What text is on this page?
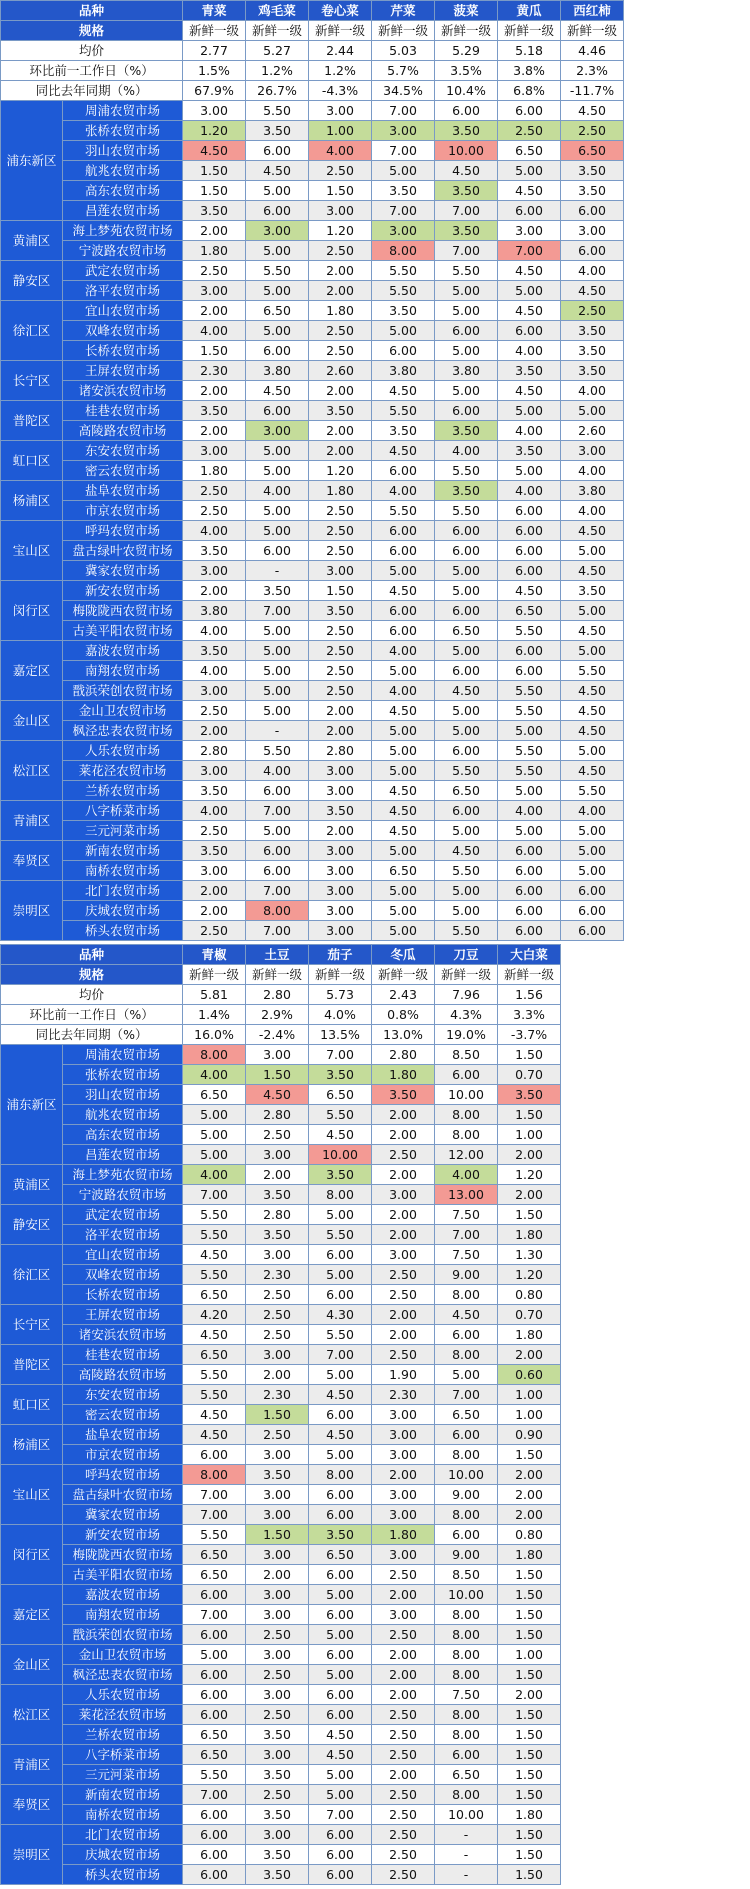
品种		青菜	鸡毛菜	卷心菜	芹菜	菠菜	黄瓜	西红柿
规格		新鲜一级	新鲜一级	新鲜一级	新鲜一级	新鲜一级	新鲜一级	新鲜一级
均价		2.77	5.27	2.44	5.03	5.29	5.18	4.46
环比前一工作日（%）		1.5%	1.2%	1.2%	5.7%	3.5%	3.8%	2.3%
同比去年同期（%）		67.9%	26.7%	-4.3%	34.5%	10.4%	6.8%	-11.7%
浦东新区	周浦农贸市场	3.00	5.50	3.00	7.00	6.00	6.00	4.50
	张桥农贸市场	1.20	3.50	1.00	3.00	3.50	2.50	2.50
	羽山农贸市场	4.50	6.00	4.00	7.00	10.00	6.50	6.50
	航兆农贸市场	1.50	4.50	2.50	5.00	4.50	5.00	3.50
	高东农贸市场	1.50	5.00	1.50	3.50	3.50	4.50	3.50
	昌莲农贸市场	3.50	6.00	3.00	7.00	7.00	6.00	6.00
黄浦区	海上梦苑农贸市场	2.00	3.00	1.20	3.00	3.50	3.00	3.00
	宁波路农贸市场	1.80	5.00	2.50	8.00	7.00	7.00	6.00
静安区	武定农贸市场	2.50	5.50	2.00	5.50	5.50	4.50	4.00
	洛平农贸市场	3.00	5.00	2.00	5.50	5.00	5.00	4.50
徐汇区	宜山农贸市场	2.00	6.50	1.80	3.50	5.00	4.50	2.50
	双峰农贸市场	4.00	5.00	2.50	5.00	6.00	6.00	3.50
	长桥农贸市场	1.50	6.00	2.50	6.00	5.00	4.00	3.50
长宁区	王屏农贸市场	2.30	3.80	2.60	3.80	3.80	3.50	3.50
	诸安浜农贸市场	2.00	4.50	2.00	4.50	5.00	4.50	4.00
普陀区	桂巷农贸市场	3.50	6.00	3.50	5.50	6.00	5.00	5.00
	高陵路农贸市场	2.00	3.00	2.00	3.50	3.50	4.00	2.60
虹口区	东安农贸市场	3.00	5.00	2.00	4.50	4.00	3.50	3.00
	密云农贸市场	1.80	5.00	1.20	6.00	5.50	5.00	4.00
杨浦区	盐阜农贸市场	2.50	4.00	1.80	4.00	3.50	4.00	3.80
	市京农贸市场	2.50	5.00	2.50	5.50	5.50	6.00	4.00
宝山区	呼玛农贸市场	4.00	5.00	2.50	6.00	6.00	6.00	4.50
	盘古绿叶农贸市场	3.50	6.00	2.50	6.00	6.00	6.00	5.00
	冀家农贸市场	3.00	-	3.00	5.00	5.00	6.00	4.50
闵行区	新安农贸市场	2.00	3.50	1.50	4.50	5.00	4.50	3.50
	梅陇陇西农贸市场	3.80	7.00	3.50	6.00	6.00	6.50	5.00
	古美平阳农贸市场	4.00	5.00	2.50	6.00	6.50	5.50	4.50
嘉定区	嘉波农贸市场	3.50	5.00	2.50	4.00	5.00	6.00	5.00
	南翔农贸市场	4.00	5.00	2.50	5.00	6.00	6.00	5.50
	戬浜荣创农贸市场	3.00	5.00	2.50	4.00	4.50	5.50	4.50
金山区	金山卫农贸市场	2.50	5.00	2.00	4.50	5.00	5.50	4.50
	枫泾忠表农贸市场	2.00	-	2.00	5.00	5.00	5.00	4.50
松江区	人乐农贸市场	2.80	5.50	2.80	5.00	6.00	5.50	5.00
	莱花泾农贸市场	3.00	4.00	3.00	5.00	5.50	5.50	4.50
	兰桥农贸市场	3.50	6.00	3.00	4.50	6.50	5.00	5.50
青浦区	八字桥菜市场	4.00	7.00	3.50	4.50	6.00	4.00	4.00
	三元河菜市场	2.50	5.00	2.00	4.50	5.00	5.00	5.00
奉贤区	新南农贸市场	3.50	6.00	3.00	5.00	4.50	6.00	5.00
	南桥农贸市场	3.00	6.00	3.00	6.50	5.50	6.00	5.00
崇明区	北门农贸市场	2.00	7.00	3.00	5.00	5.00	6.00	6.00
	庆城农贸市场	2.00	8.00	3.00	5.00	5.00	6.00	6.00
	桥头农贸市场	2.50	7.00	3.00	5.00	5.50	6.00	6.00
品种		青椒	土豆	茄子	冬瓜	刀豆	大白菜
规格		新鲜一级	新鲜一级	新鲜一级	新鲜一级	新鲜一级	新鲜一级
均价		5.81	2.80	5.73	2.43	7.96	1.56
环比前一工作日（%）		1.4%	2.9%	4.0%	0.8%	4.3%	3.3%
同比去年同期（%）		16.0%	-2.4%	13.5%	13.0%	19.0%	-3.7%
浦东新区	周浦农贸市场	8.00	3.00	7.00	2.80	8.50	1.50
	张桥农贸市场	4.00	1.50	3.50	1.80	6.00	0.70
	羽山农贸市场	6.50	4.50	6.50	3.50	10.00	3.50
	航兆农贸市场	5.00	2.80	5.50	2.00	8.00	1.50
	高东农贸市场	5.00	2.50	4.50	2.00	8.00	1.00
	昌莲农贸市场	5.00	3.00	10.00	2.50	12.00	2.00
黄浦区	海上梦苑农贸市场	4.00	2.00	3.50	2.00	4.00	1.20
	宁波路农贸市场	7.00	3.50	8.00	3.00	13.00	2.00
静安区	武定农贸市场	5.50	2.80	5.00	2.00	7.50	1.50
	洛平农贸市场	5.50	3.50	5.50	2.00	7.00	1.80
徐汇区	宜山农贸市场	4.50	3.00	6.00	3.00	7.50	1.30
	双峰农贸市场	5.50	2.30	5.00	2.50	9.00	1.20
	长桥农贸市场	6.50	2.50	6.00	2.50	8.00	0.80
长宁区	王屏农贸市场	4.20	2.50	4.30	2.00	4.50	0.70
	诸安浜农贸市场	4.50	2.50	5.50	2.00	6.00	1.80
普陀区	桂巷农贸市场	6.50	3.00	7.00	2.50	8.00	2.00
	高陵路农贸市场	5.50	2.00	5.00	1.90	5.00	0.60
虹口区	东安农贸市场	5.50	2.30	4.50	2.30	7.00	1.00
	密云农贸市场	4.50	1.50	6.00	3.00	6.50	1.00
杨浦区	盐阜农贸市场	4.50	2.50	4.50	3.00	6.00	0.90
	市京农贸市场	6.00	3.00	5.00	3.00	8.00	1.50
宝山区	呼玛农贸市场	8.00	3.50	8.00	2.00	10.00	2.00
	盘古绿叶农贸市场	7.00	3.00	6.00	3.00	9.00	2.00
	冀家农贸市场	7.00	3.00	6.00	3.00	8.00	2.00
闵行区	新安农贸市场	5.50	1.50	3.50	1.80	6.00	0.80
	梅陇陇西农贸市场	6.50	3.00	6.50	3.00	9.00	1.80
	古美平阳农贸市场	6.50	2.00	6.00	2.50	8.50	1.50
嘉定区	嘉波农贸市场	6.00	3.00	5.00	2.00	10.00	1.50
	南翔农贸市场	7.00	3.00	6.00	3.00	8.00	1.50
	戬浜荣创农贸市场	6.00	2.50	5.00	2.50	8.00	1.50
金山区	金山卫农贸市场	5.00	3.00	6.00	2.00	8.00	1.00
	枫泾忠表农贸市场	6.00	2.50	5.00	2.00	8.00	1.50
松江区	人乐农贸市场	6.00	3.00	6.00	2.00	7.50	2.00
	莱花泾农贸市场	6.00	2.50	6.00	2.50	8.00	1.50
	兰桥农贸市场	6.50	3.50	4.50	2.50	8.00	1.50
青浦区	八字桥菜市场	6.50	3.00	4.50	2.50	6.00	1.50
	三元河菜市场	5.50	3.50	5.00	2.00	6.50	1.50
奉贤区	新南农贸市场	7.00	2.50	5.00	2.50	8.00	1.50
	南桥农贸市场	6.00	3.50	7.00	2.50	10.00	1.80
崇明区	北门农贸市场	6.00	3.00	6.00	2.50	-	1.50
	庆城农贸市场	6.00	3.50	6.00	2.50	-	1.50
	桥头农贸市场	6.00	3.50	6.00	2.50	-	1.50
